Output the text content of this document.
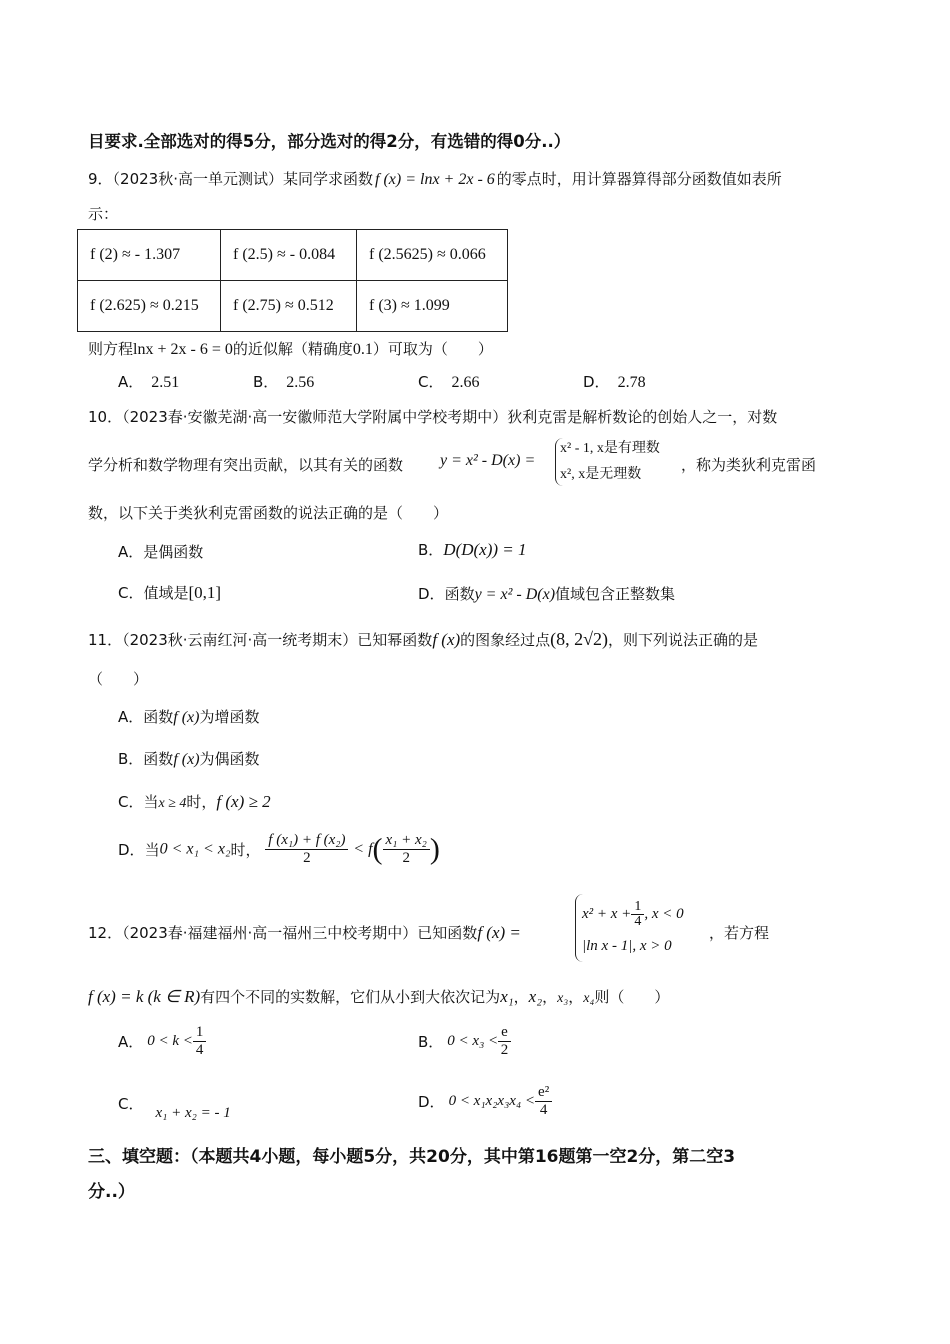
目要求.全部选对的得5分，部分选对的得2分，有选错的得0分..）
9．（2023秋·高一单元测试）某同学求函数 f (x) = lnx + 2x - 6 的零点时，用计算器算得部分函数值如表所
示：
f (2) ≈ - 1.307	f (2.5) ≈ - 0.084	f (2.5625) ≈ 0.066
f (2.625) ≈ 0.215	f (2.75) ≈ 0.512	f (3) ≈ 1.099
则方程lnx + 2x - 6 = 0的近似解（精确度0.1）可取为（　　）
A． 2.51	B． 2.56	C． 2.66	D． 2.78
10．（2023春·安徽芜湖·高一安徽师范大学附属中学校考期中）狄利克雷是解析数论的创始人之一，对数
学分析和数学物理有突出贡献，以其有关的函数 y = x² - D(x) =
x² - 1, x是有理数
x², x是无理数
，称为类狄利克雷函
数，以下关于类狄利克雷函数的说法正确的是（　　）
A．是偶函数	B．D(D(x)) = 1
C．值域是[0,1]	D．函数y = x² - D(x)值域包含正整数集
11．（2023秋·云南红河·高一统考期末）已知幂函数f (x)的图象经过点(8, 2√2)，则下列说法正确的是
（　　）
A．函数f (x)为增函数
B．函数f (x)为偶函数
C．当x ≥ 4时，f (x) ≥ 2
D．当0 < x₁ < x₂时， $\frac{\text{f (x₁) + f (x₂)}}{2} < f( \frac{\text{x₁ + x₂}}{2}$ )
12．（2023春·福建福州·高一福州三中校考期中）已知函数f (x) =
$x^2 + x + \frac{1}{4}$ , x < 0
|ln x - 1|, x > 0
，若方程
f (x) = k (k ∈ R)有四个不同的实数解，它们从小到大依次记为x₁，x₂，x₃，x₄则（　　）
A． $0 < k < \frac{1}{4}$	B． $0 < x_3 < \frac{e}{2}$
C． x₁ + x₂ = - 1
D． $0 < x_1x_2x_3x_4 < \frac{\text{e²}}{4}$
三、填空题：（本题共4小题，每小题5分，共20分，其中第16题第一空2分，第二空3
分..）
